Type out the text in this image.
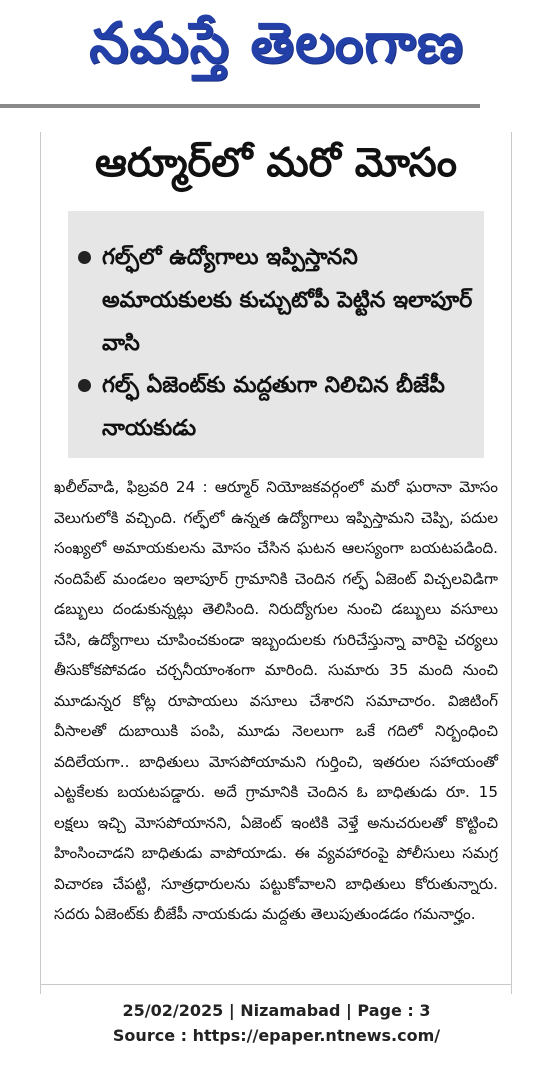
నమస్తే తెలంగాణ
ఆర్మూర్‌లో మరో మోసం
గల్ఫ్‌లో ఉద్యోగాలు ఇప్పిస్తానని అమాయకులకు కుచ్చుటోపీ పెట్టిన ఇలాపూర్ వాసి
గల్ఫ్ ఏజెంట్‌కు మద్దతుగా నిలిచిన బీజేపీ నాయకుడు
ఖలీల్‌వాడి, ఫిబ్రవరి 24 : ఆర్మూర్ నియోజకవర్గంలో మరో ఘరానా మోసం వెలుగులోకి వచ్చింది. గల్ఫ్‌లో ఉన్నత ఉద్యోగాలు ఇప్పిస్తామని చెప్పి, పదుల సంఖ్యలో అమాయకులను మోసం చేసిన ఘటన ఆలస్యంగా బయటపడింది. నందిపేట్ మండలం ఇలాపూర్ గ్రామానికి చెందిన గల్ఫ్ ఏజెంట్ విచ్చలవిడిగా డబ్బులు దండుకున్నట్లు తెలిసింది. నిరుద్యోగుల నుంచి డబ్బులు వసూలు చేసి, ఉద్యోగాలు చూపించకుండా ఇబ్బందులకు గురిచేస్తున్నా వారిపై చర్యలు తీసుకోకపోవడం చర్చనీయాంశంగా మారింది. సుమారు 35 మంది నుంచి మూడున్నర కోట్ల రూపాయలు వసూలు చేశారని సమాచారం. విజిటింగ్ వీసాలతో దుబాయికి పంపి, మూడు నెలలుగా ఒకే గదిలో నిర్బంధించి వదిలేయగా.. బాధితులు మోసపోయామని గుర్తించి, ఇతరుల సహాయంతో ఎట్టకేలకు బయటపడ్డారు. అదే గ్రామానికి చెందిన ఓ బాధితుడు రూ. 15 లక్షలు ఇచ్చి మోసపోయానని, ఏజెంట్ ఇంటికి వెళ్తే అనుచరులతో కొట్టించి హింసించాడని బాధితుడు వాపోయాడు. ఈ వ్యవహారంపై పోలీసులు సమగ్ర విచారణ చేపట్టి, సూత్రధారులను పట్టుకోవాలని బాధితులు కోరుతున్నారు. సదరు ఏజెంట్‌కు బీజేపీ నాయకుడు మద్దతు తెలుపుతుండడం గమనార్హం.
25/02/2025 | Nizamabad | Page : 3
Source : https://epaper.ntnews.com/
